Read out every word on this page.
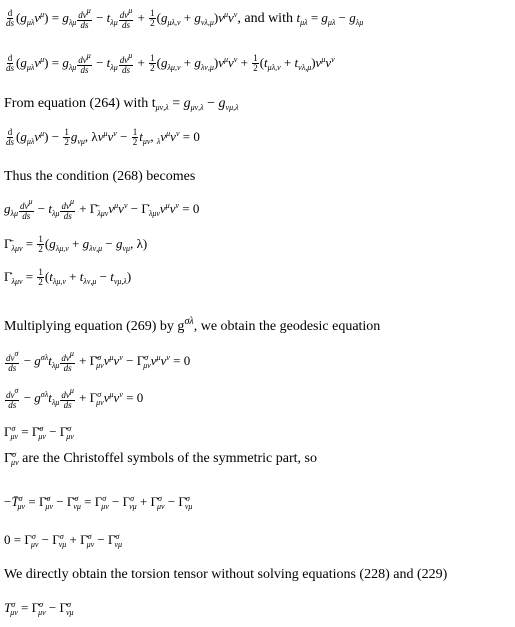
$\frac{d}{ds} (g_{\mu\lambda}v^\mu) = g_{\lambda\mu}$
$dv^\mu$
ds
− $t_{\lambda\mu}$
$dv^\mu$
ds
+ $\frac{1}{2} (g_{\mu\lambda,\nu} + g_{\nu\lambda,\mu})v^\mu v^\nu$, and with $t_{\mu\lambda} = g_{\mu\lambda} - g_{\lambda\mu}$
$\frac{d}{ds} (g_{\mu\lambda}v^\mu) = g_{\lambda\mu}$
$dv^\mu$
ds
− $t_{\lambda\mu}$
$dv^\mu$
ds
+ $\frac{1}{2} (g_{\lambda\mu,\nu} + g_{\lambda\nu,\mu})v^\mu v^\nu + \frac{1}{2} (t_{\mu\lambda,\nu} + t_{\nu\lambda,\mu})v^\mu v^\nu$
From equation (264) with $t_{\mu\nu,\lambda} = g_{\mu\nu,\lambda} - g_{\nu\mu,\lambda}$
$\frac{d}{ds} (g_{\mu\lambda}v^\mu) - \frac{1}{2} g_{\nu\mu}$, $\lambda v^\mu v^\nu - \frac{1}{2} t_{\mu\nu}$, $_\lambda v^\mu v^\nu = 0$
Thus the condition (268) becomes
$g_{\lambda\mu}$
$dv^\mu$
ds
− $t_{\lambda\mu}$
$dv^\mu$
ds
+ $\Gammā_{\lambda\mu\nu}v^\mu v^\nu$ − $\Gammȧ_{\lambda\mu\nu}v^\mu v^\nu = 0$
$\Gammā_{\lambda\mu\nu} = \frac{1}{2} (g_{\lambda\mu,\nu} + g_{\lambda\nu,\mu} - g_{\nu\mu}$, λ)
$\Gammȧ_{\lambda\mu\nu} = \frac{1}{2} (t_{\lambda\mu,\nu} + t_{\lambda\nu,\mu} - t_{\nu\mu,\lambda})$
Multiplying equation (269) by $g^{\sigma\lambda}$, we obtain the geodesic equation
$dv^\sigma$
ds
− $g^{\sigma\lambda}t_{\lambda\mu}$
$dv^\mu$
ds
+ $\Gammā^\sigma_{\mu\nu}v^\mu v^\nu$ − $\Gammȧ^\sigma_{\mu\nu}v^\mu v^\nu = 0$
$dv^\sigma$
ds
− $g^{\sigma\lambda}t_{\lambda\mu}$
$dv^\mu$
ds
+ $\Gamma^\sigma_{\mu\nu}v^\mu v^\nu = 0$
$\Gamma^\sigma_{\mu\nu}$ = Γ̄$^\sigma_{\mu\nu}$ − Γ̇$^\sigma_{\mu\nu}$
Γ̄$^\sigma_{\mu\nu}$ are the Christoffel symbols of the symmetric part, so
−T̄$^\sigma_{\mu\nu}$ = Γ̄$^\sigma_{\mu\nu}$ − Γ̄$^\sigma_{\nu\mu}$ = $\Gamma^\sigma_{\mu\nu} - \Gamma^\sigma_{\nu\mu}$ + Γ̇$^\sigma_{\mu\nu}$ − Γ̇$^\sigma_{\nu\mu}$
$0 = \Gamma^\sigma_{\mu\nu} - \Gamma^\sigma_{\nu\mu}$ + Γ̇$^\sigma_{\mu\nu}$ − Γ̇$^\sigma_{\nu\mu}$
We directly obtain the torsion tensor without solving equations (228) and (229)
$T^\sigma_{\mu\nu}$ = Γ̇$^\sigma_{\mu\nu}$ − Γ̇$^\sigma_{\nu\mu}$
